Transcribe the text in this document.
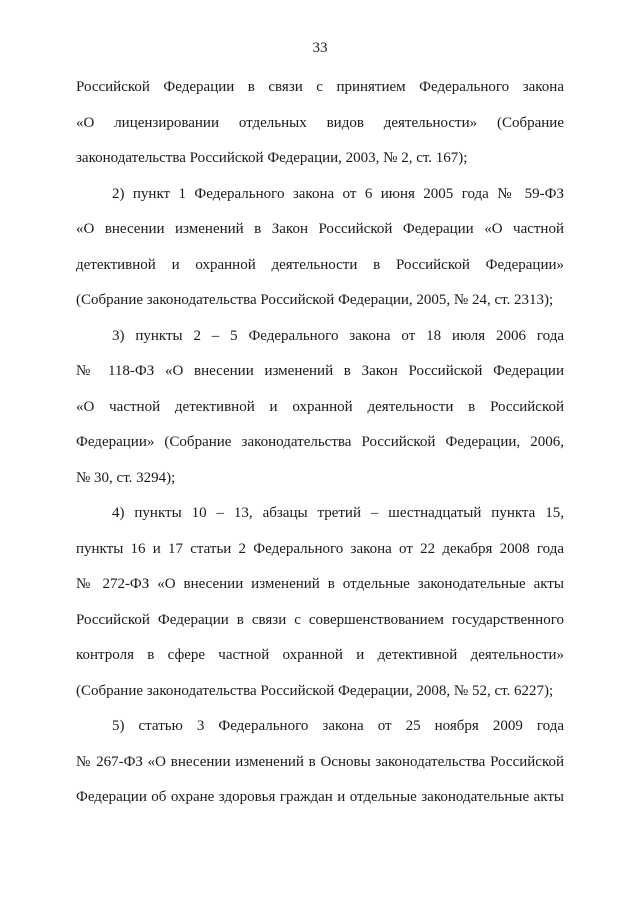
33
Российской Федерации в связи с принятием Федерального закона
«О лицензировании отдельных видов деятельности» (Собрание
законодательства Российской Федерации, 2003, № 2, ст. 167);
2) пункт 1 Федерального закона от 6 июня 2005 года № 59-ФЗ
«О внесении изменений в Закон Российской Федерации «О частной
детективной и охранной деятельности в Российской Федерации»
(Собрание законодательства Российской Федерации, 2005, № 24, ст. 2313);
3) пункты 2 – 5 Федерального закона от 18 июля 2006 года
№ 118-ФЗ «О внесении изменений в Закон Российской Федерации
«О частной детективной и охранной деятельности в Российской
Федерации» (Собрание законодательства Российской Федерации, 2006,
№ 30, ст. 3294);
4) пункты 10 – 13, абзацы третий – шестнадцатый пункта 15,
пункты 16 и 17 статьи 2 Федерального закона от 22 декабря 2008 года
№ 272-ФЗ «О внесении изменений в отдельные законодательные акты
Российской Федерации в связи с совершенствованием государственного
контроля в сфере частной охранной и детективной деятельности»
(Собрание законодательства Российской Федерации, 2008, № 52, ст. 6227);
5) статью 3 Федерального закона от 25 ноября 2009 года
№ 267-ФЗ «О внесении изменений в Основы законодательства Российской
Федерации об охране здоровья граждан и отдельные законодательные акты
